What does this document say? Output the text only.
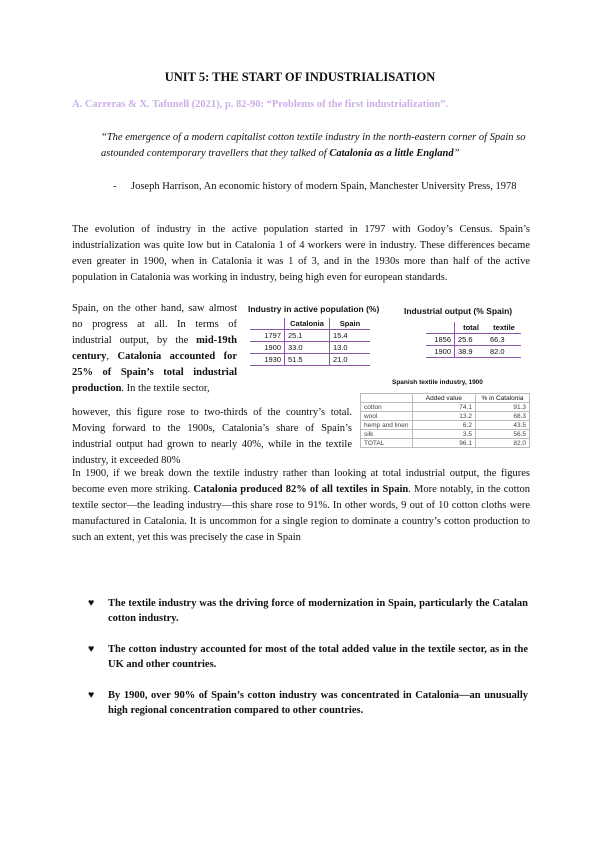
UNIT 5: THE START OF INDUSTRIALISATION
A. Carreras & X. Tafunell (2021), p. 82-90: “Problems of the first industrialization”.
“The emergence of a modern capitalist cotton textile industry in the north-eastern corner of Spain so astounded contemporary travellers that they talked of Catalonia as a little England”
- Joseph Harrison, An economic history of modern Spain, Manchester University Press, 1978
The evolution of industry in the active population started in 1797 with Godoy’s Census. Spain’s industrialization was quite low but in Catalonia 1 of 4 workers were in industry. These differences became even greater in 1900, when in Catalonia it was 1 of 3, and in the 1930s more than half of the active population in Catalonia was working in industry, being high even for european standards.
Spain, on the other hand, saw almost no progress at all. In terms of industrial output, by the mid-19th century, Catalonia accounted for 25% of Spain’s total industrial production. In the textile sector,
however, this figure rose to two-thirds of the country’s total. Moving forward to the 1900s, Catalonia’s share of Spain’s industrial output had grown to nearly 40%, while in the textile industry, it exceeded 80%
Industry in active population (%)
	Catalonia	Spain
1797	25.1	15.4
1900	33.0	13.0
1930	51.5	21.0
Industrial output (% Spain)
	total	textile
1856	25.6	66.3
1900	38.9	82.0
Spanish textile industry, 1900
	Added value	% in Catalonia
cotton	74.1	91.3
wool	13.2	68.3
hemp and linen	6.2	43.5
silk	3.5	56.5
TOTAL	96.1	82.0
In 1900, if we break down the textile industry rather than looking at total industrial output, the figures become even more striking. Catalonia produced 82% of all textiles in Spain. More notably, in the cotton textile sector—the leading industry—this share rose to 91%. In other words, 9 out of 10 cotton cloths were manufactured in Catalonia. It is uncommon for a single region to dominate a country’s cotton production to such an extent, yet this was precisely the case in Spain
♥ The textile industry was the driving force of modernization in Spain, particularly the Catalan cotton industry.
♥ The cotton industry accounted for most of the total added value in the textile sector, as in the UK and other countries.
♥ By 1900, over 90% of Spain’s cotton industry was concentrated in Catalonia—an unusually high regional concentration compared to other countries.
